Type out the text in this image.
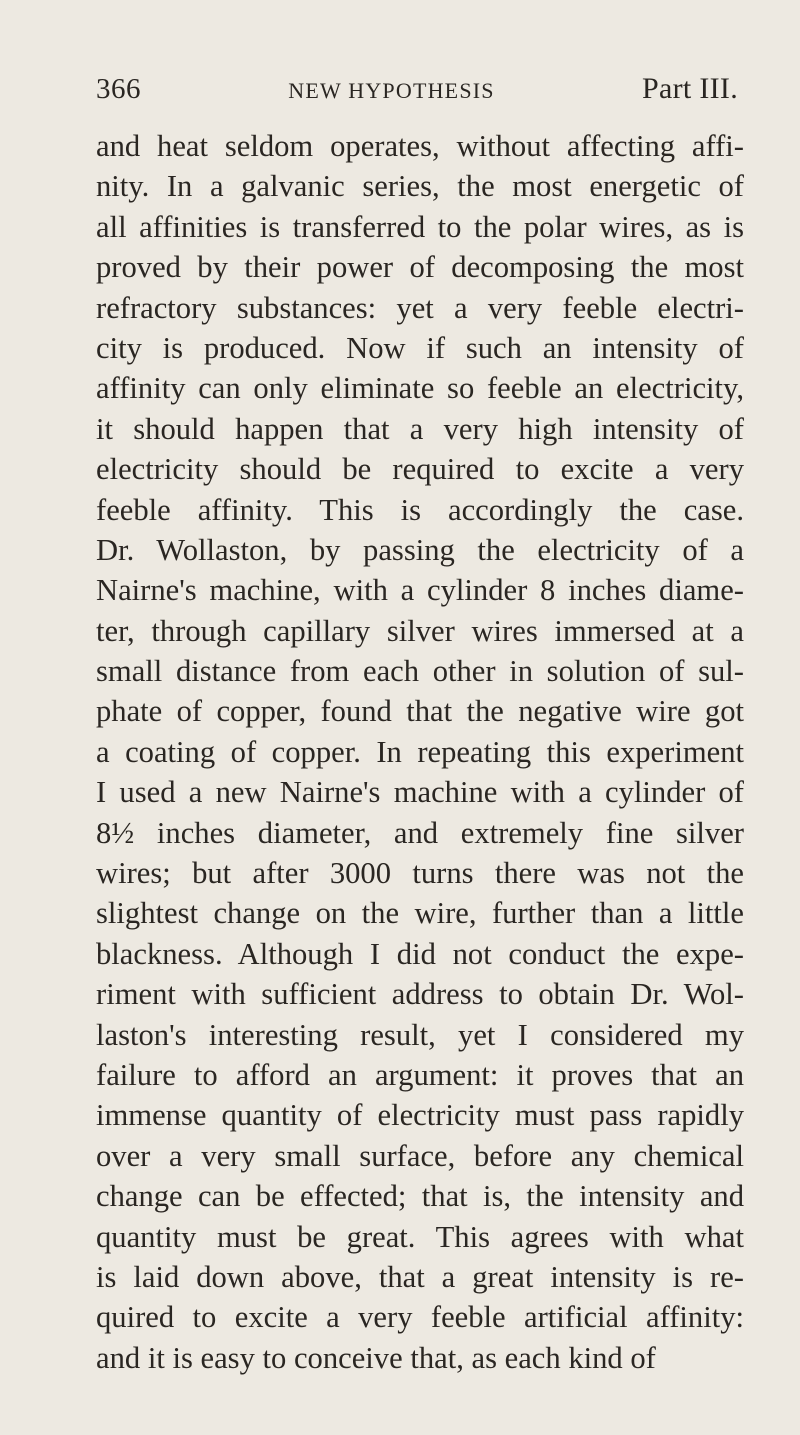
366	NEW HYPOTHESIS	Part III.
and heat seldom operates, without affecting affi-
nity. In a galvanic series, the most energetic of
all affinities is transferred to the polar wires, as is
proved by their power of decomposing the most
refractory substances: yet a very feeble electri-
city is produced. Now if such an intensity of
affinity can only eliminate so feeble an electricity,
it should happen that a very high intensity of
electricity should be required to excite a very
feeble affinity. This is accordingly the case.
Dr. Wollaston, by passing the electricity of a
Nairne's machine, with a cylinder 8 inches diame-
ter, through capillary silver wires immersed at a
small distance from each other in solution of sul-
phate of copper, found that the negative wire got
a coating of copper. In repeating this experiment
I used a new Nairne's machine with a cylinder of
8½ inches diameter, and extremely fine silver
wires; but after 3000 turns there was not the
slightest change on the wire, further than a little
blackness. Although I did not conduct the expe-
riment with sufficient address to obtain Dr. Wol-
laston's interesting result, yet I considered my
failure to afford an argument: it proves that an
immense quantity of electricity must pass rapidly
over a very small surface, before any chemical
change can be effected; that is, the intensity and
quantity must be great. This agrees with what
is laid down above, that a great intensity is re-
quired to excite a very feeble artificial affinity:
and it is easy to conceive that, as each kind of
